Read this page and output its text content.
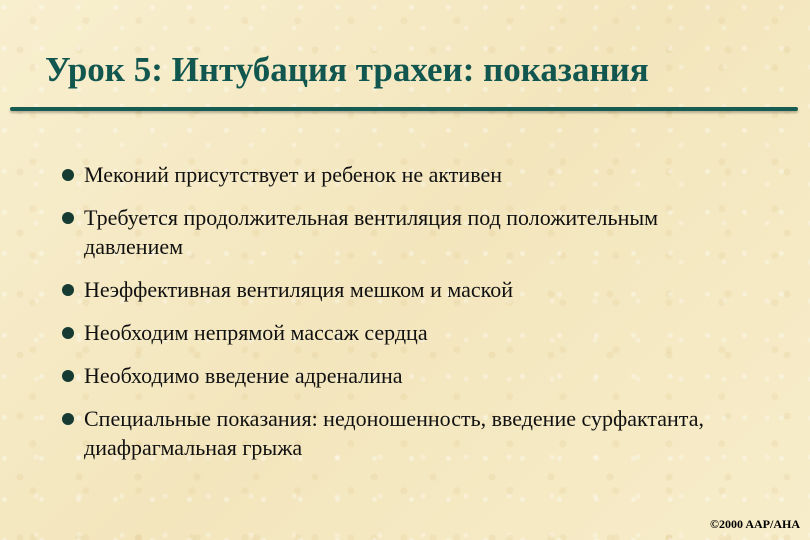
Урок 5: Интубация трахеи: показания
Меконий присутствует и ребенок не активен
Требуется продолжительная вентиляция под положительным давлением
Неэффективная вентиляция мешком и маской
Необходим непрямой массаж сердца
Необходимо введение адреналина
Специальные показания: недоношенность, введение сурфактанта, диафрагмальная грыжа
©2000 AAP/AHA
